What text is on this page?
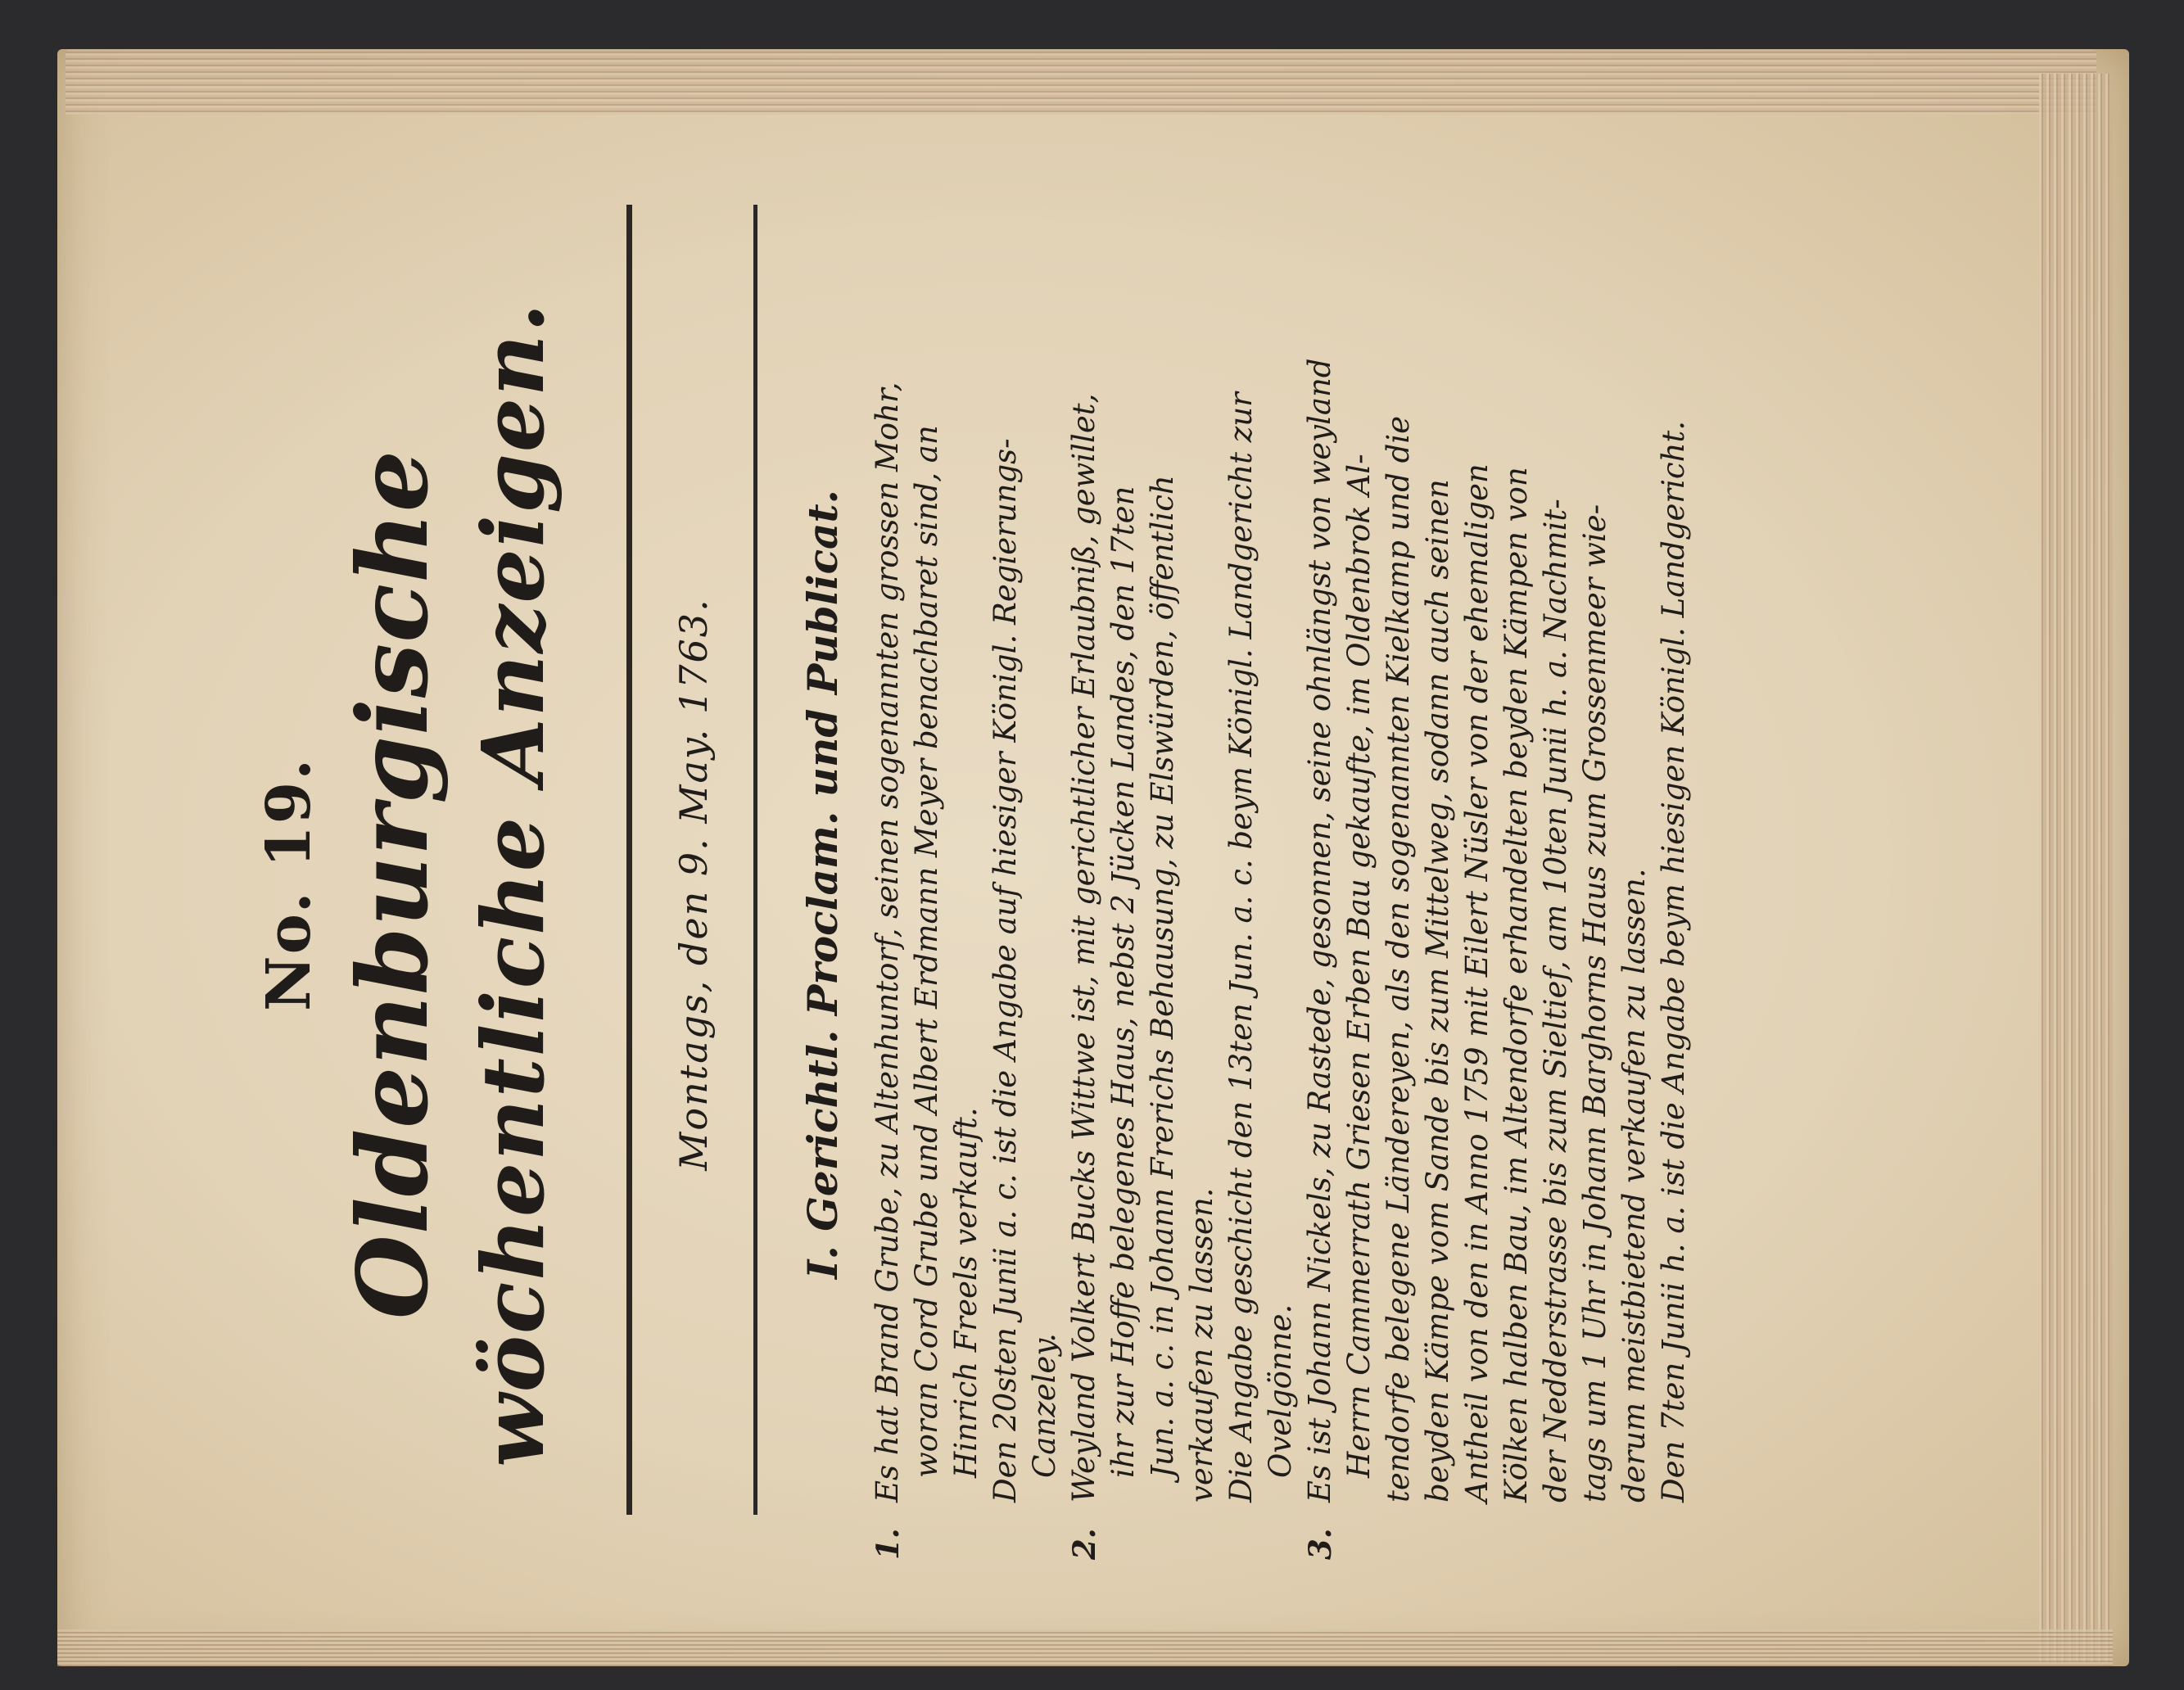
No. 19. Oldenburgische wöchentliche Anzeigen.	Montags, den 9. May. 1763. I. Gerichtl. Proclam. und Publicat.
1.
Es hat Brand Grube, zu Altenhuntorf, seinen sogenannten grossen Mohr, woran Cord Grube und Albert Erdmann Meyer benachbaret sind, an Hinrich Freels verkauft. Den 20sten Junii a. c. ist die Angabe auf hiesiger Königl. Regierungs- Canzeley.
2.
Weyland Volkert Bucks Wittwe ist, mit gerichtlicher Erlaubniß, gewillet, ihr zur Hoffe belegenes Haus, nebst 2 Jücken Landes, den 17ten Jun. a. c. in Johann Frerichs Behausung, zu Elswürden, öffentlich verkaufen zu lassen. Die Angabe geschicht den 13ten Jun. a. c. beym Königl. Landgericht zur Ovelgönne.
3.
Es ist Johann Nickels, zu Rastede, gesonnen, seine ohnlängst von weyland Herrn Cammerrath Griesen Erben Bau gekaufte, im Oldenbrok Al- tendorfe belegene Ländereyen, als den sogenannten Kielkamp und die beyden Kämpe vom Sande bis zum Mittelweg, sodann auch seinen Antheil von den in Anno 1759 mit Eilert Nüsler von der ehemaligen Kölken halben Bau, im Altendorfe erhandelten beyden Kämpen von der Nedderstrasse bis zum Sieltief, am 10ten Junii h. a. Nachmit- tags um 1 Uhr in Johann Barghorns Haus zum Grossenmeer wie- derum meistbietend verkaufen zu lassen. Den 7ten Junii h. a. ist die Angabe beym hiesigen Königl. Landgericht.
